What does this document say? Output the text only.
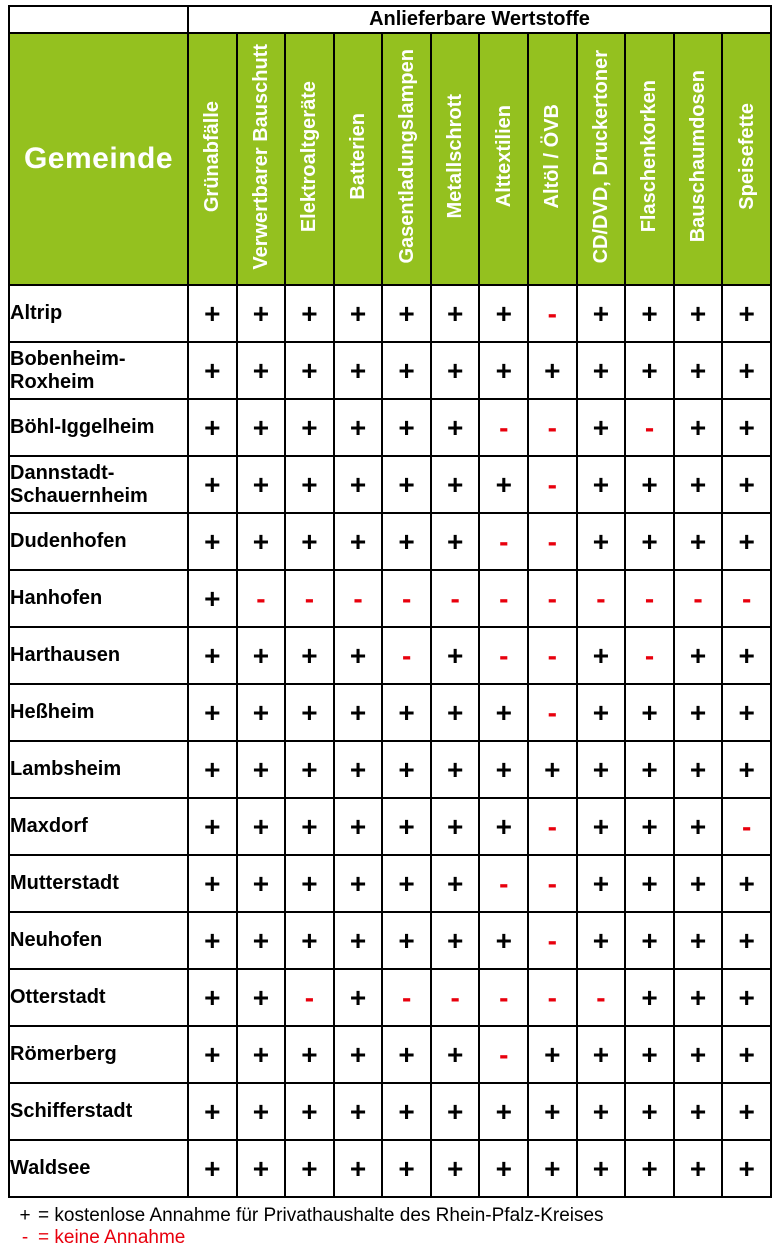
	Anlieferbare Wertstoffe											
Gemeinde	Grünabfälle	Verwertbarer Bauschutt	Elektroaltgeräte	Batterien	Gasentladungslampen	Metallschrott	Alttextilien	Altöl / ÖVB	CD/DVD, Druckertoner	Flaschenkorken	Bauschaumdosen	Speisefette
Altrip	+	+	+	+	+	+	+	-	+	+	+	+
Bobenheim-Roxheim	+	+	+	+	+	+	+	+	+	+	+	+
Böhl-Iggelheim	+	+	+	+	+	+	-	-	+	-	+	+
Dannstadt-Schauernheim	+	+	+	+	+	+	+	-	+	+	+	+
Dudenhofen	+	+	+	+	+	+	-	-	+	+	+	+
Hanhofen	+	-	-	-	-	-	-	-	-	-	-	-
Harthausen	+	+	+	+	-	+	-	-	+	-	+	+
Heßheim	+	+	+	+	+	+	+	-	+	+	+	+
Lambsheim	+	+	+	+	+	+	+	+	+	+	+	+
Maxdorf	+	+	+	+	+	+	+	-	+	+	+	-
Mutterstadt	+	+	+	+	+	+	-	-	+	+	+	+
Neuhofen	+	+	+	+	+	+	+	-	+	+	+	+
Otterstadt	+	+	-	+	-	-	-	-	-	+	+	+
Römerberg	+	+	+	+	+	+	-	+	+	+	+	+
Schifferstadt	+	+	+	+	+	+	+	+	+	+	+	+
Waldsee	+	+	+	+	+	+	+	+	+	+	+	+
+ = kostenlose Annahme für Privathaushalte des Rhein-Pfalz-Kreises
- = keine Annahme
